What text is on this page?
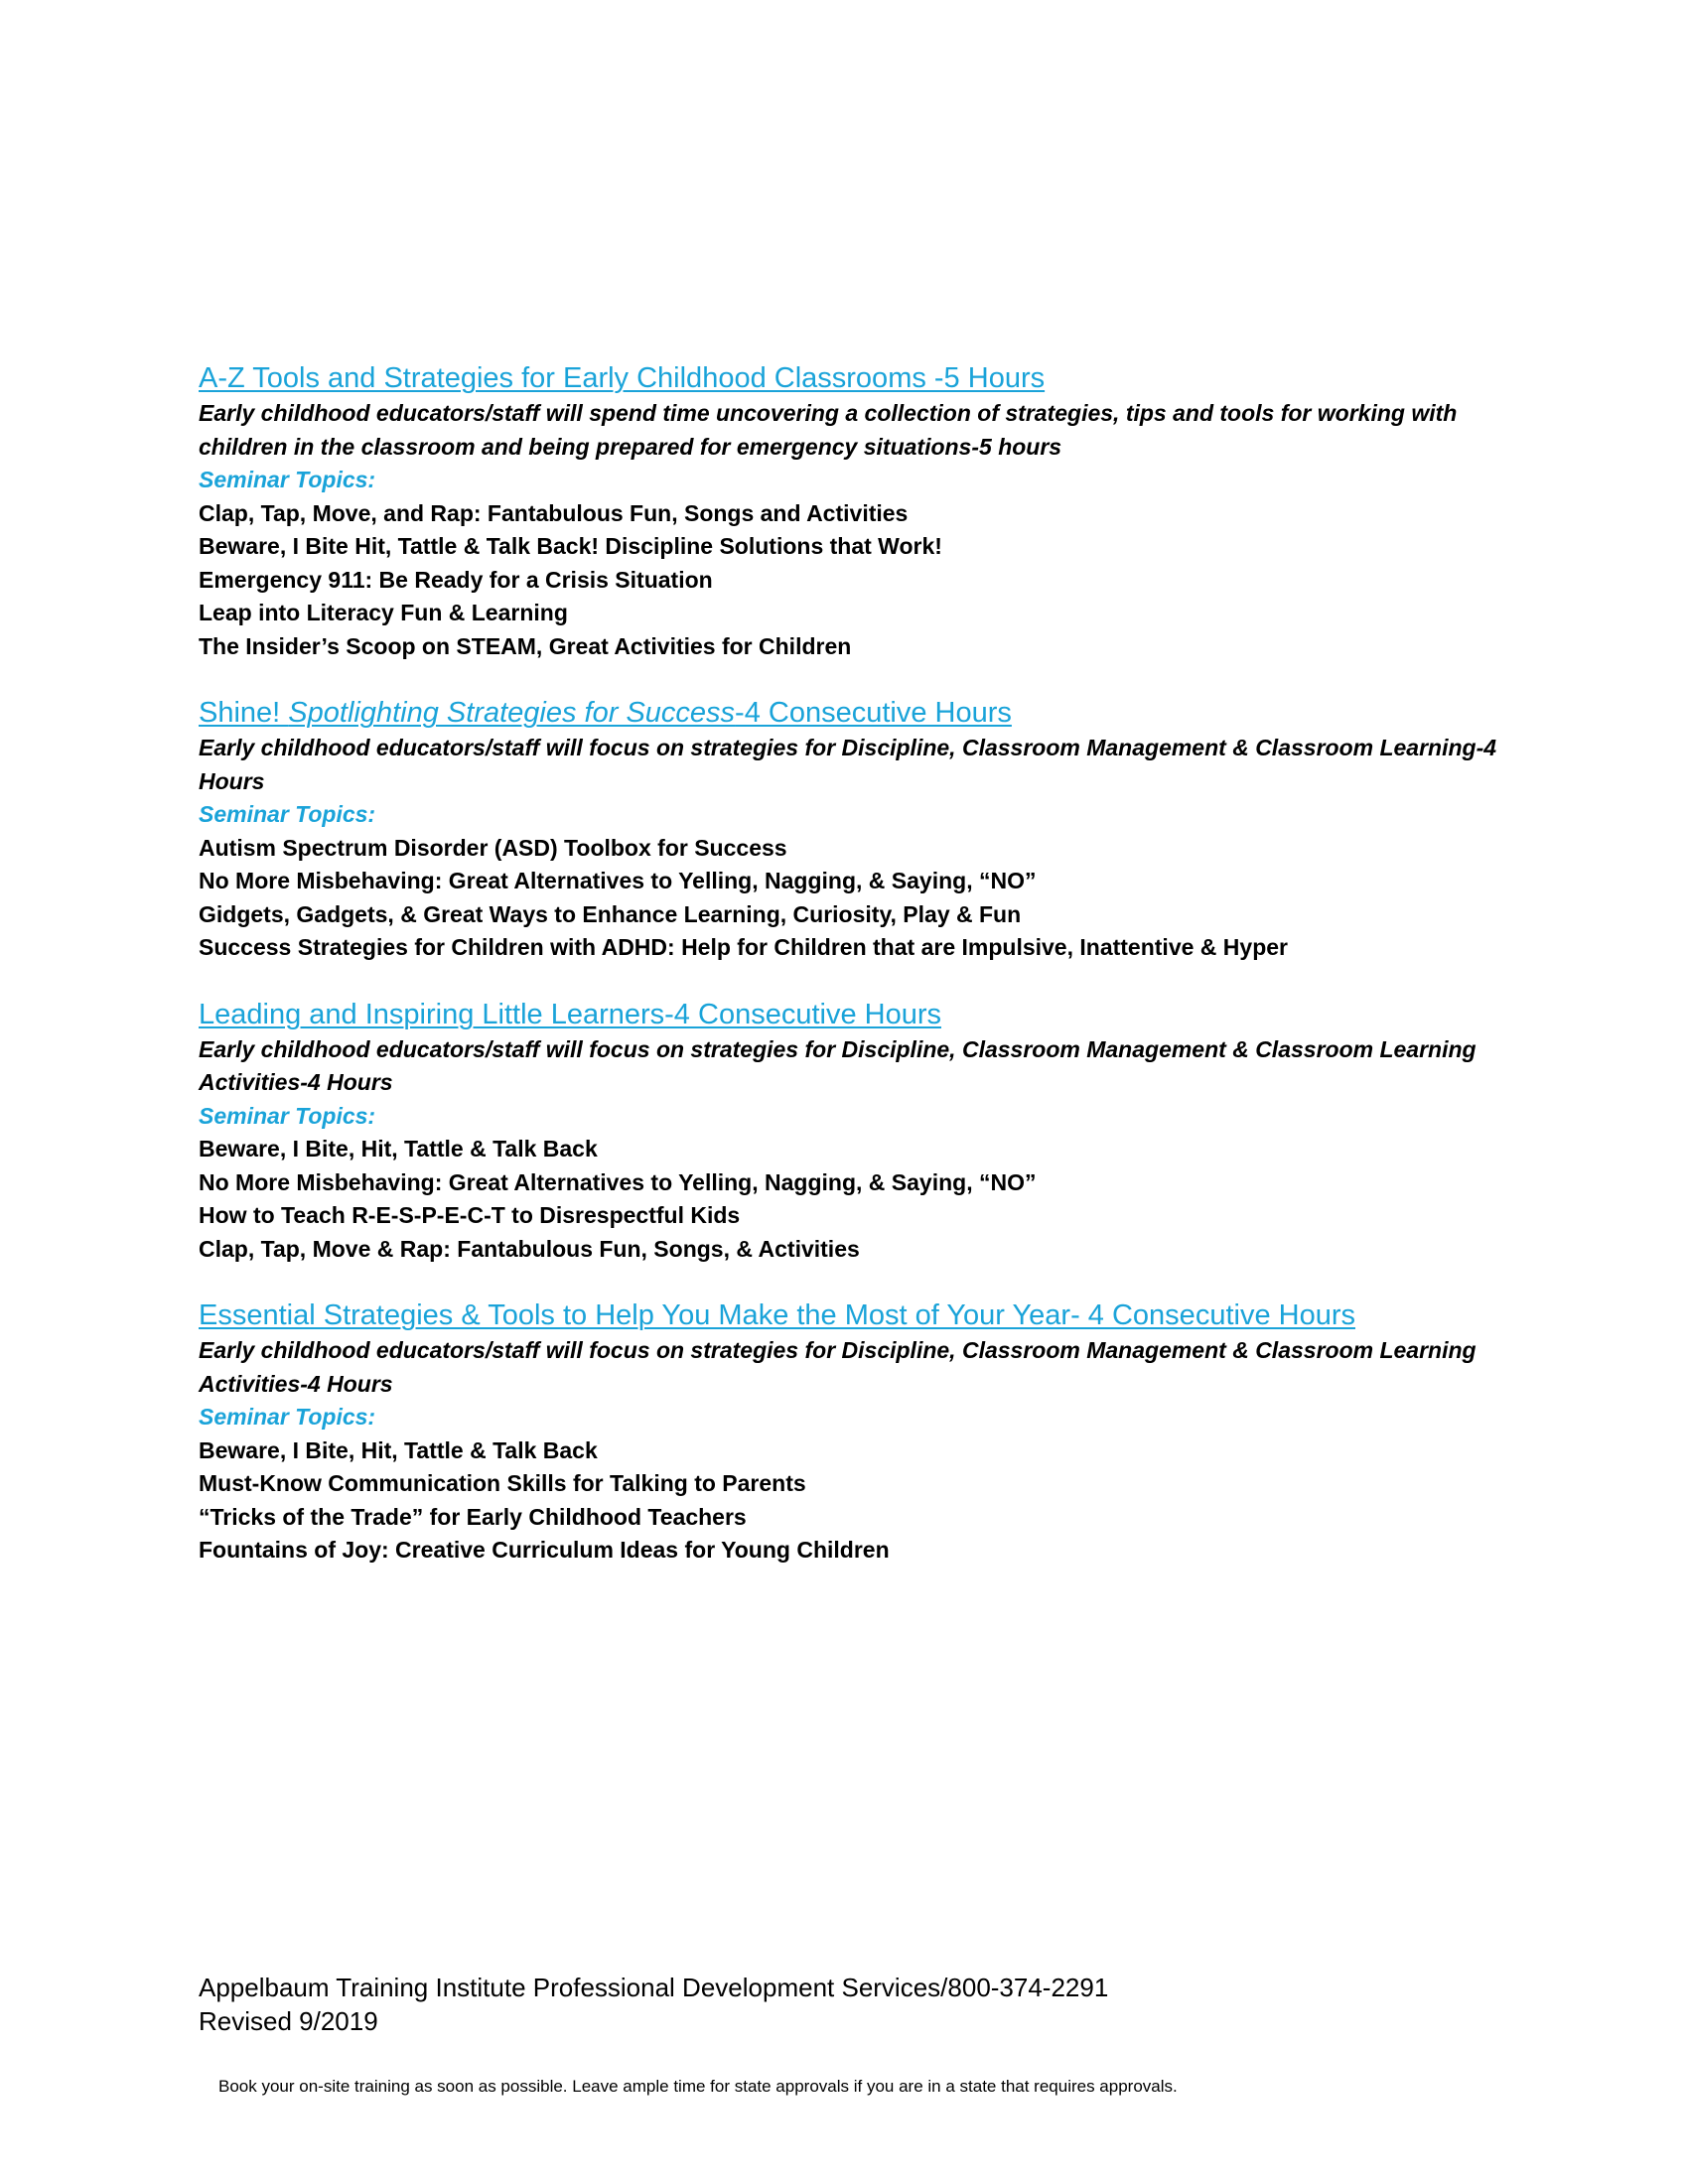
A-Z Tools and Strategies for Early Childhood Classrooms -5 Hours

Early childhood educators/staff will spend time uncovering a collection of strategies, tips and tools for working with children in the classroom and being prepared for emergency situations-5 hours

Seminar Topics:

Clap, Tap, Move, and Rap: Fantabulous Fun, Songs and Activities
Beware, I Bite Hit, Tattle & Talk Back! Discipline Solutions that Work!
Emergency 911: Be Ready for a Crisis Situation
Leap into Literacy Fun & Learning
The Insider’s Scoop on STEAM, Great Activities for Children
Shine! Spotlighting Strategies for Success-4 Consecutive Hours

Early childhood educators/staff will focus on strategies for Discipline, Classroom Management & Classroom Learning-4 Hours

Seminar Topics:

Autism Spectrum Disorder (ASD) Toolbox for Success
No More Misbehaving: Great Alternatives to Yelling, Nagging, & Saying, “NO”
Gidgets, Gadgets, & Great Ways to Enhance Learning, Curiosity, Play & Fun
Success Strategies for Children with ADHD: Help for Children that are Impulsive, Inattentive & Hyper
Leading and Inspiring Little Learners-4 Consecutive Hours

Early childhood educators/staff will focus on strategies for Discipline, Classroom Management & Classroom Learning Activities-4 Hours

Seminar Topics:

Beware, I Bite, Hit, Tattle & Talk Back
No More Misbehaving: Great Alternatives to Yelling, Nagging, & Saying, “NO”
How to Teach R-E-S-P-E-C-T to Disrespectful Kids
Clap, Tap, Move & Rap: Fantabulous Fun, Songs, & Activities
Essential Strategies & Tools to Help You Make the Most of Your Year- 4 Consecutive Hours

Early childhood educators/staff will focus on strategies for Discipline, Classroom Management & Classroom Learning Activities-4 Hours

Seminar Topics:

Beware, I Bite, Hit, Tattle & Talk Back
Must-Know Communication Skills for Talking to Parents
“Tricks of the Trade” for Early Childhood Teachers
Fountains of Joy: Creative Curriculum Ideas for Young Children
Appelbaum Training Institute Professional Development Services/800-374-2291
Revised 9/2019
Book your on-site training as soon as possible. Leave ample time for state approvals if you are in a state that requires approvals.
